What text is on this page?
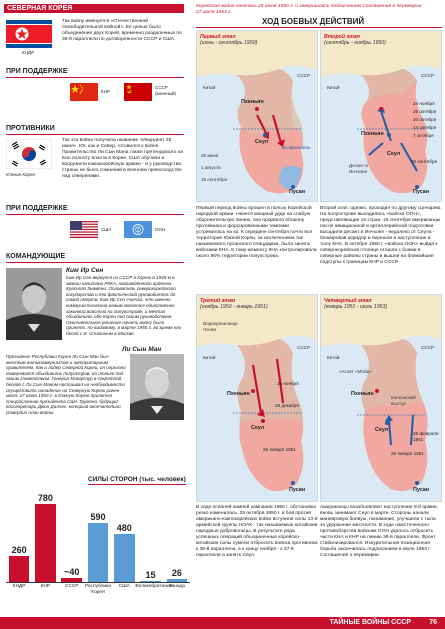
СЕВЕРНАЯ КОРЕЯ
КНДР
Так войну именуется «Отечественной Освободительной войной». Ее целью было объединение двух Корей, временно разделенных по 38-й параллели по договоренности СССР и США.
ПРИ ПОДДЕРЖКЕ
КНР
СССР (военный)
ПРОТИВНИКИ
Южная Корея
Так эта война получила название «Инцидент 25 июня». Юг, как и Север, готовился к войне. Правительство Ли Сын Мана также претендовало на всю полноту власти в Корее. США обучили и вооружили южнокорейскую армию - и у руководства страны не было сомнений в военном превосходстве над северянами.
ПРИ ПОДДЕРЖКЕ
США	ООН
КОМАНДУЮЩИЕ
Ким Ир Сен
Ким Ир Сен вернулся из СССР в Корею в 1945-м в звании капитана РККА, награжденного орденом Красного Знамени. Основатель северокорейского государства и его фактический руководитель до самой смерти. Ким Ир Сен считал, что именно коммунистический режим является единственно законной властью на полуострове, и мечтал объединить обе Кореи под своим руководством. Окончательное решение начать войну было принято, по-видимому, в марте 1950 г. во время его бесед с И. Сталиным в Москве.
Ли Сын Ман
Президент Республики Корея Ли Сын Ман был жестким антикоммунистом и авторитарным правителем. Как и лидер Северной Кореи, он серьезно намеревался объединить полуостров, но только под своим главенством. Генерал Макартур в секретной беседе с Ли Сын Маном настаивал на необходимости осуществить нападение на Северную Корею ранее июля. 17 июня 1950 г. в Южную Корею прилетел спецпосланник президента США Трумэна, будущий госсекретарь Джон Даллес, который окончательно утвердил план войны.
СИЛЫ СТОРОН (тыс. человек)
260
КНДР
780
КНР
~40
СССР
590
Республика Корея
480
США
15
Великобритания
26
Канада
Корейская война началась 25 июня 1950 г. и завершилась подписанием Соглашения о перемирии 27 июля 1953 г.
ХОД БОЕВЫХ ДЕЙСТВИЙ
Первый этап
(июнь - сентябрь 1950)
Китай
СССР
Пхеньян
Сеул
Пусан
25 июня
1 августа
15 сентября
38 параллель
Второй этап
(сентябрь - ноябрь 1950)
Китай
СССР
24 ноября
26 октября
20 октября
14 октября
7 октября
26 сентября
Пхеньян
Сеул
Пусан
Десант в Инчхоне
Первый период войны прошел в пользу Корейской народной армии. Нанеся мощный удар на слабую оборонительную линию, она прорвала оборону противника и форсированными темпами устремилась на юг. К середине сентября почти вся территория Южной Кореи, за исключением так называемого пусанского плацдарма, была занята войсками КНА. К тому моменту КНА контролировала около 95% территории полуострова.
Второй этап, однако, проходил по другому сценарию. На полуострове высадились «войска ООН», представляющие 16 стран. 15 сентября американцы после авиационной и артиллерийской подготовки высадили десант в Инчхоне - недалеко от Сеула - блокировав коридор и перешли в наступление в тылу КНА. В октябре 1950 г. «войска ООН» выйдя к северокорейской столице отошли с боями в северные районы страны и вышли на ближайшие подступы к границам КНР и СССР.
Третий этап
(ноябрь 1950 - январь 1951)
Китай
СССР
Водохранилище Чосин
25 ноября
26 декабря
25 января 1951
Пхеньян
Сеул
Пусан
Четвертый этап
(январь 1951 - июль 1953)
Китай
СССР
«Атлет «Моби»
Кансонский выступ
28 февраля 1951
25 января 1951
Пхеньян
Сеул
Пусан
В ходе осенней-зимней кампании 1950 г. обстановка резко изменилась. 25 октября 1950 г. в бой против американо-южнокорейских войск вступили силы 13-й армейской группы НОАК - так называемые китайские народные добровольцы. В результате ряда успешных операций объединенные корейско-китайские силы сумели отбросить войска противника к 38-й параллели, а к концу ноября - к 37-й параллели и занять Сеул.
Американцы возобновляют наступление 8-й армии, вновь занимают Сеул в марте. Стороны начали маневровую боевую, понимание, улучшили с тыла за удержание местности. В ходе ожесточенного противоборства войскам ООН удалось отбросить части КНА и КНР на линию 38-й параллели. Фронт стабилизировался. Изнурительная позиционная борьба закончилась подписанием в июле 1953 г. Соглашения о перемирии.
ТАЙНЫЕ ВОЙНЫ СССР	76
